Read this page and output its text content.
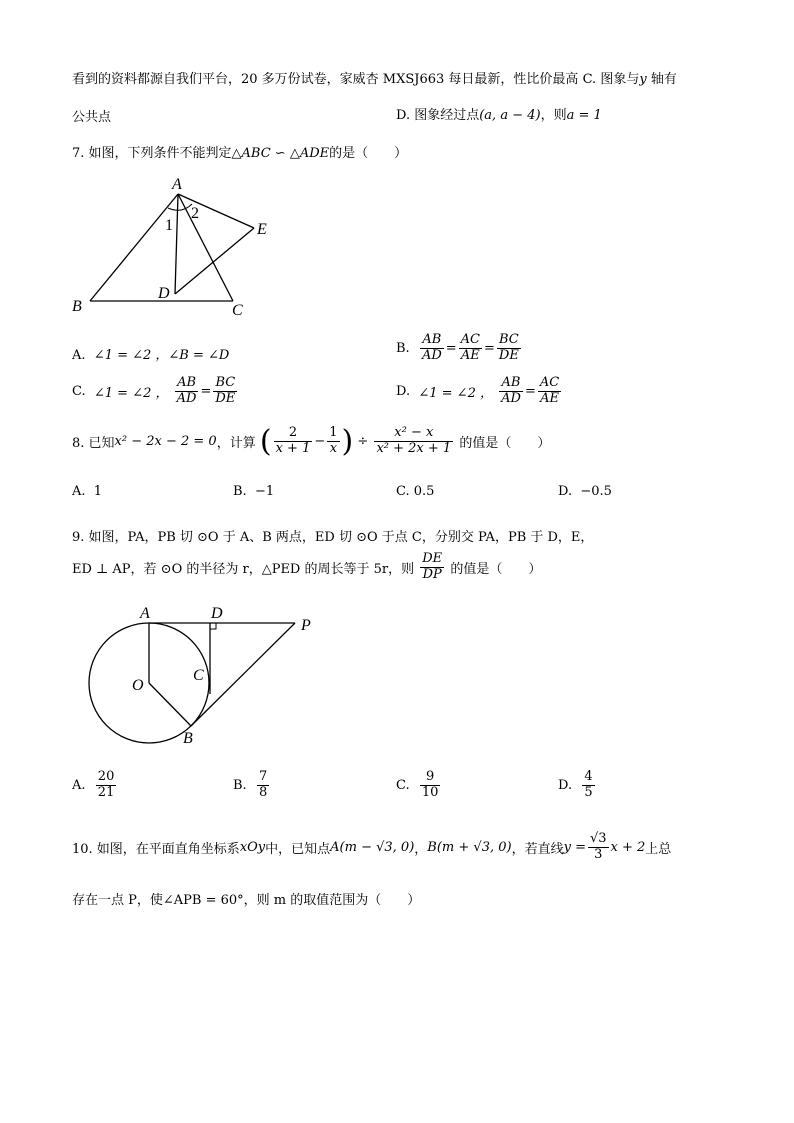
看到的资料都源自我们平台，20 多万份试卷，家威杏 MXSJ663 每日最新，性比价最高 C. 图象与y 轴有
公共点	D. 图象经过点(a, a − 4)，则a = 1
7. 如图，下列条件不能判定△ABC ∽ △ADE的是（　　）
A
B	C
D
E
1
2
A. ∠1 = ∠2 ，∠B = ∠D	B. $\frac{AB}{AD} = \frac{AC}{AE} = \frac{BC}{DE}$
C. ∠1 = ∠2 ， $\frac{AB}{AD} = \frac{BC}{DE}$	D. ∠1 = ∠2 ， $\frac{AB}{AD} = \frac{AC}{AE}$
8. 已知x² − 2x − 2 = 0，计算 ( $\frac{2}{x + 1} - \frac{1}{x}$ ) ÷ $\frac{\text{x² − x}}{\text{x² + 2x + 1}}$ 的值是（　　）
A. 1	B. −1	C. 0.5	D. −0.5
9. 如图，PA，PB 切 ⊙O 于 A、B 两点，ED 切 ⊙O 于点 C，分别交 PA，PB 于 D，E，
ED ⊥ AP，若 ⊙O 的半径为 r，△PED 的周长等于 5r，则 $\frac{DE}{DP}$ 的值是（　　）
A	D
P
O
C
B
A. $\frac{20}{21}$	B. $\frac{7}{8}$	C. $\frac{9}{10}$	D. $\frac{4}{5}$
10. 如图，在平面直角坐标系xOy中，已知点A(m − √3, 0)，B(m + √3, 0)，若直线$y = \frac{√3}{3}$ x + 2上总
存在一点 P，使∠APB = 60°，则 m 的取值范围为（　　）
